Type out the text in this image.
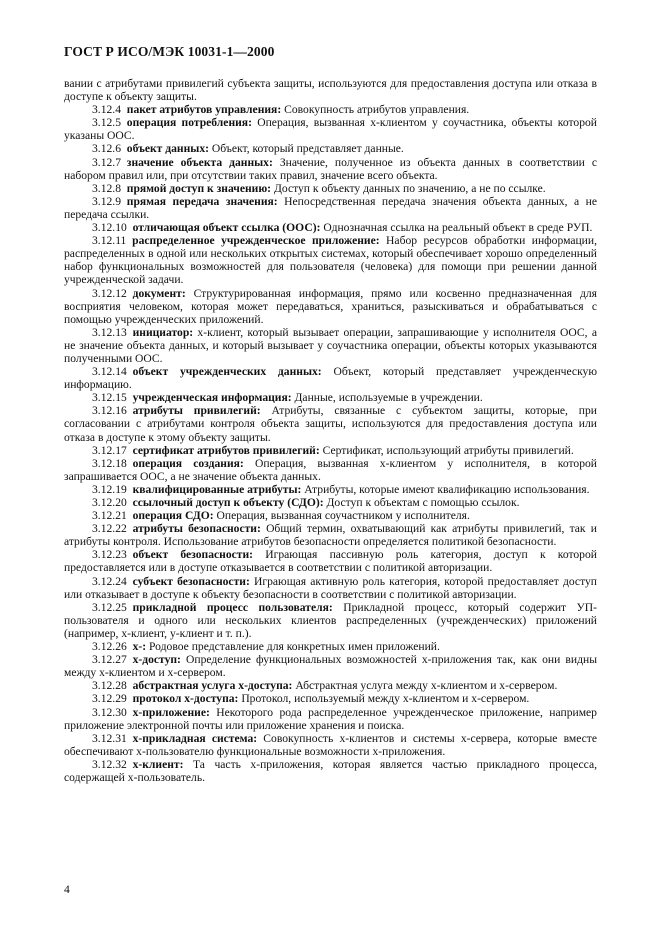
ГОСТ Р ИСО/МЭК 10031-1—2000

вании с атрибутами привилегий субъекта защиты, используются для предоставления доступа или отказа в доступе к объекту защиты.

3.12.4  пакет атрибутов управления: Совокупность атрибутов управления.

3.12.5  операция потребления: Операция, вызванная x-клиентом у соучастника, объекты которой указаны ООС.

3.12.6  объект данных: Объект, который представляет данные.

3.12.7  значение объекта данных: Значение, полученное из объекта данных в соответствии с набором правил или, при отсутствии таких правил, значение всего объекта.

3.12.8  прямой доступ к значению: Доступ к объекту данных по значению, а не по ссылке.

3.12.9  прямая передача значения: Непосредственная передача значения объекта данных, а не передача ссылки.

3.12.10  отличающая объект ссылка (ООС): Однозначная ссылка на реальный объект в среде РУП.

3.12.11  распределенное учрежденческое приложение: Набор ресурсов обработки информации, распределенных в одной или нескольких открытых системах, который обеспечивает хорошо определенный набор функциональных возможностей для пользователя (человека) для помощи при решении данной учрежденческой задачи.

3.12.12  документ: Структурированная информация, прямо или косвенно предназначенная для восприятия человеком, которая может передаваться, храниться, разыскиваться и обрабатываться с помощью учрежденческих приложений.

3.12.13  инициатор: x-клиент, который вызывает операции, запрашивающие у исполнителя ООС, а не значение объекта данных, и который вызывает у соучастника операции, объекты которых указываются полученными ООС.

3.12.14  объект учрежденческих данных: Объект, который представляет учрежденческую информацию.

3.12.15  учрежденческая информация: Данные, используемые в учреждении.

3.12.16  атрибуты привилегий: Атрибуты, связанные с субъектом защиты, которые, при согласовании с атрибутами контроля объекта защиты, используются для предоставления доступа или отказа в доступе к этому объекту защиты.

3.12.17  сертификат атрибутов привилегий: Сертификат, использующий атрибуты привилегий.

3.12.18  операция создания: Операция, вызванная x-клиентом у исполнителя, в которой запрашивается ООС, а не значение объекта данных.

3.12.19  квалифицированные атрибуты: Атрибуты, которые имеют квалификацию использования.

3.12.20  ссылочный доступ к объекту (СДО): Доступ к объектам с помощью ссылок.

3.12.21  операция СДО: Операция, вызванная соучастником у исполнителя.

3.12.22  атрибуты безопасности: Общий термин, охватывающий как атрибуты привилегий, так и атрибуты контроля. Использование атрибутов безопасности определяется политикой безопасности.

3.12.23  объект безопасности: Играющая пассивную роль категория, доступ к которой предоставляется или в доступе отказывается в соответствии с политикой авторизации.

3.12.24  субъект безопасности: Играющая активную роль категория, которой предоставляет доступ или отказывает в доступе к объекту безопасности в соответствии с политикой авторизации.

3.12.25  прикладной процесс пользователя: Прикладной процесс, который содержит УП-пользователя и одного или нескольких клиентов распределенных (учрежденческих) приложений (например, x-клиент, y-клиент и т. п.).

3.12.26  x-: Родовое представление для конкретных имен приложений.

3.12.27  x-доступ: Определение функциональных возможностей x-приложения так, как они видны между x-клиентом и x-сервером.

3.12.28  абстрактная услуга x-доступа: Абстрактная услуга между x-клиентом и x-сервером.

3.12.29  протокол x-доступа: Протокол, используемый между x-клиентом и x-сервером.

3.12.30  x-приложение: Некоторого рода распределенное учрежденческое приложение, например приложение электронной почты или приложение хранения и поиска.

3.12.31  x-прикладная система: Совокупность x-клиентов и системы x-сервера, которые вместе обеспечивают x-пользователю функциональные возможности x-приложения.

3.12.32  x-клиент: Та часть x-приложения, которая является частью прикладного процесса, содержащей x-пользователь.

4
